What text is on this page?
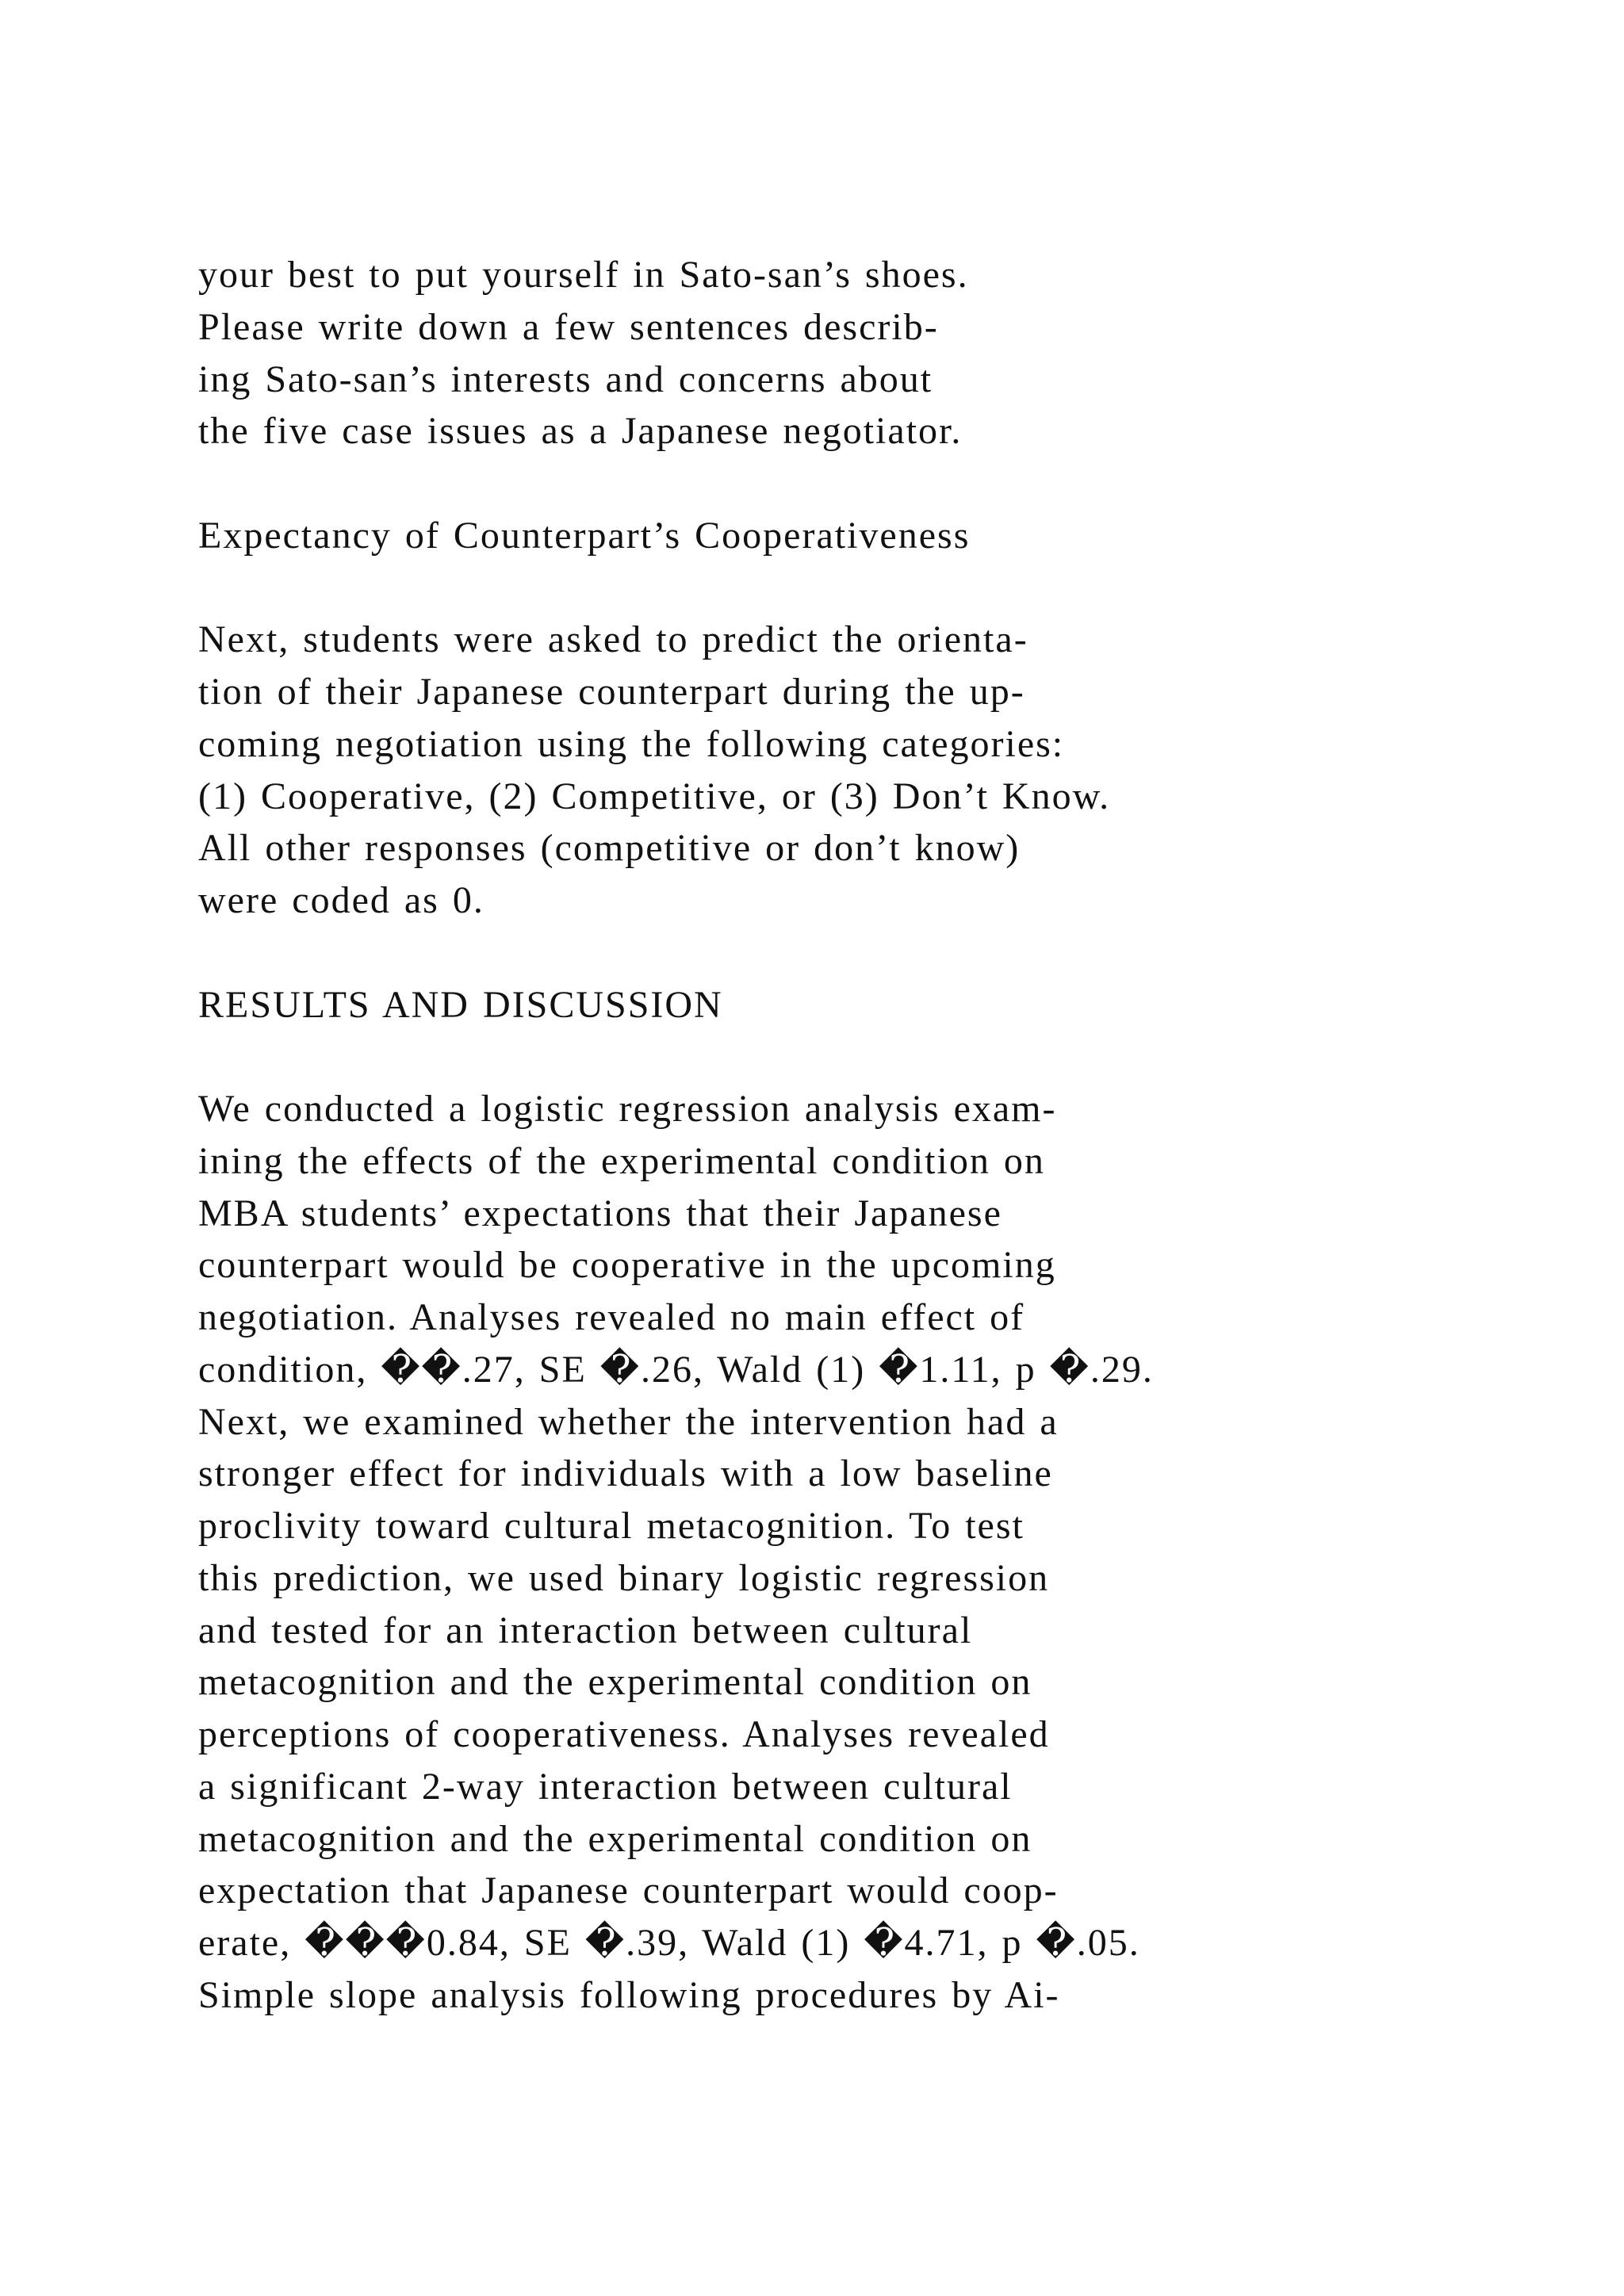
your best to put yourself in Sato-san’s shoes.
Please write down a few sentences describ-
ing Sato-san’s interests and concerns about
the five case issues as a Japanese negotiator.
Expectancy of Counterpart’s Cooperativeness
Next, students were asked to predict the orienta-
tion of their Japanese counterpart during the up-
coming negotiation using the following categories:
(1) Cooperative, (2) Competitive, or (3) Don’t Know.
All other responses (competitive or don’t know)
were coded as 0.
RESULTS AND DISCUSSION
We conducted a logistic regression analysis exam-
ining the effects of the experimental condition on
MBA students’ expectations that their Japanese
counterpart would be cooperative in the upcoming
negotiation. Analyses revealed no main effect of
condition, ��.27, SE �.26, Wald (1) �1.11, p �.29.
Next, we examined whether the intervention had a
stronger effect for individuals with a low baseline
proclivity toward cultural metacognition. To test
this prediction, we used binary logistic regression
and tested for an interaction between cultural
metacognition and the experimental condition on
perceptions of cooperativeness. Analyses revealed
a significant 2-way interaction between cultural
metacognition and the experimental condition on
expectation that Japanese counterpart would coop-
erate, ���0.84, SE �.39, Wald (1) �4.71, p �.05.
Simple slope analysis following procedures by Ai-
